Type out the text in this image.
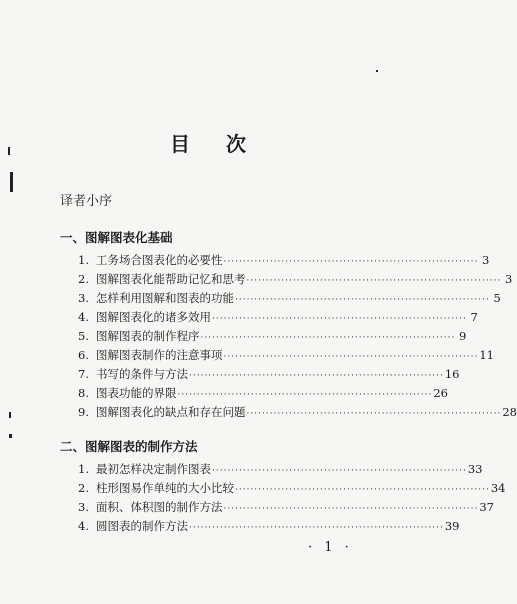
目 次
译者小序
一、图解图表化基础
1. 工务场合图表化的必要性 ·································································· 3
2. 图解图表化能帮助记忆和思考 ·································································· 3
3. 怎样利用图解和图表的功能 ·································································· 5
4. 图解图表化的诸多效用 ·································································· 7
5. 图解图表的制作程序 ·································································· 9
6. 图解图表制作的注意事项 ·································································· 11
7. 书写的条件与方法 ·································································· 16
8. 图表功能的界限 ·································································· 26
9. 图解图表化的缺点和存在问题 ·································································· 28
二、图解图表的制作方法
1. 最初怎样决定制作图表 ·································································· 33
2. 柱形图易作单纯的大小比较 ·································································· 34
3. 面积、体积图的制作方法 ·································································· 37
4. 圆图表的制作方法 ·································································· 39
· 1 ·
